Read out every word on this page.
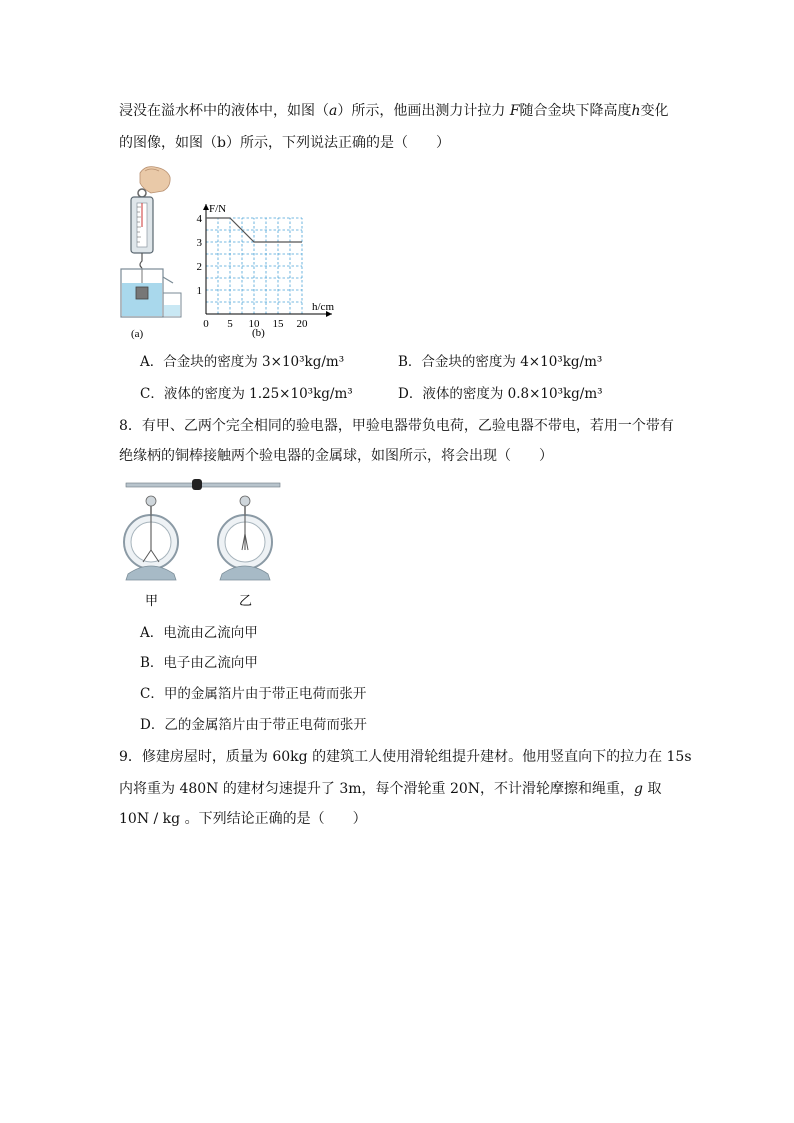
浸没在溢水杯中的液体中，如图（a）所示，他画出测力计拉力 F随合金块下降高度h变化
的图像，如图（b）所示，下列说法正确的是（　　）
(a)
0 5 10 15 20
1
2
3
4
F/N
h/cm
(b)
A．合金块的密度为 3×10³kg/m³	B．合金块的密度为 4×10³kg/m³
C．液体的密度为 1.25×10³kg/m³	D．液体的密度为 0.8×10³kg/m³
8．有甲、乙两个完全相同的验电器，甲验电器带负电荷，乙验电器不带电，若用一个带有
绝缘柄的铜棒接触两个验电器的金属球，如图所示，将会出现（　　）
甲	乙
A．电流由乙流向甲
B．电子由乙流向甲
C．甲的金属箔片由于带正电荷而张开
D．乙的金属箔片由于带正电荷而张开
9．修建房屋时，质量为 60kg 的建筑工人使用滑轮组提升建材。他用竖直向下的拉力在 15s
内将重为 480N 的建材匀速提升了 3m，每个滑轮重 20N，不计滑轮摩擦和绳重，g 取
10N / kg 。下列结论正确的是（　　）
